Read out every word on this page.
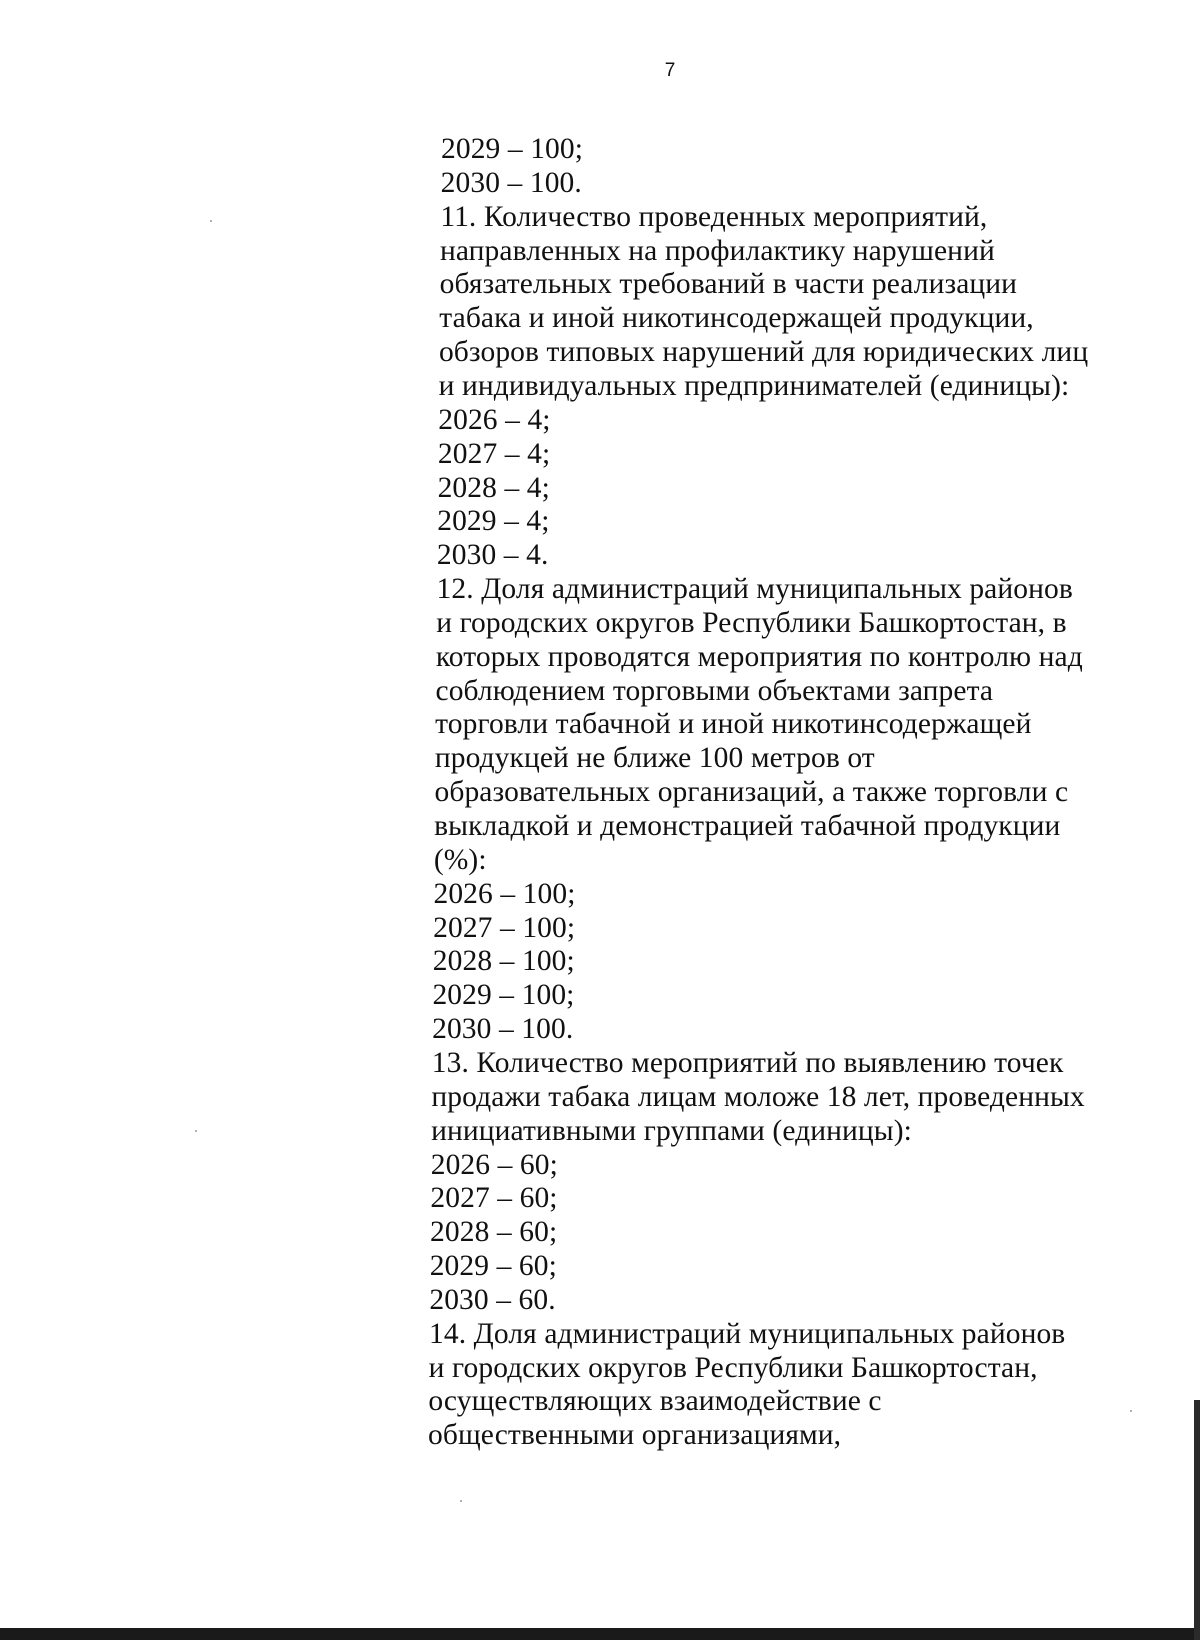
7
2029 – 100;
2030 – 100.
11. Количество проведенных мероприятий,
направленных на профилактику нарушений
обязательных требований в части реализации
табака и иной никотинсодержащей продукции,
обзоров типовых нарушений для юридических лиц
и индивидуальных предпринимателей (единицы):
2026 – 4;
2027 – 4;
2028 – 4;
2029 – 4;
2030 – 4.
12. Доля администраций муниципальных районов
и городских округов Республики Башкортостан, в
которых проводятся мероприятия по контролю над
соблюдением торговыми объектами запрета
торговли табачной и иной никотинсодержащей
продукцей не ближе 100 метров от
образовательных организаций, а также торговли с
выкладкой и демонстрацией табачной продукции
(%):
2026 – 100;
2027 – 100;
2028 – 100;
2029 – 100;
2030 – 100.
13. Количество мероприятий по выявлению точек
продажи табака лицам моложе 18 лет, проведенных
инициативными группами (единицы):
2026 – 60;
2027 – 60;
2028 – 60;
2029 – 60;
2030 – 60.
14. Доля администраций муниципальных районов
и городских округов Республики Башкортостан,
осуществляющих взаимодействие с
общественными организациями,
